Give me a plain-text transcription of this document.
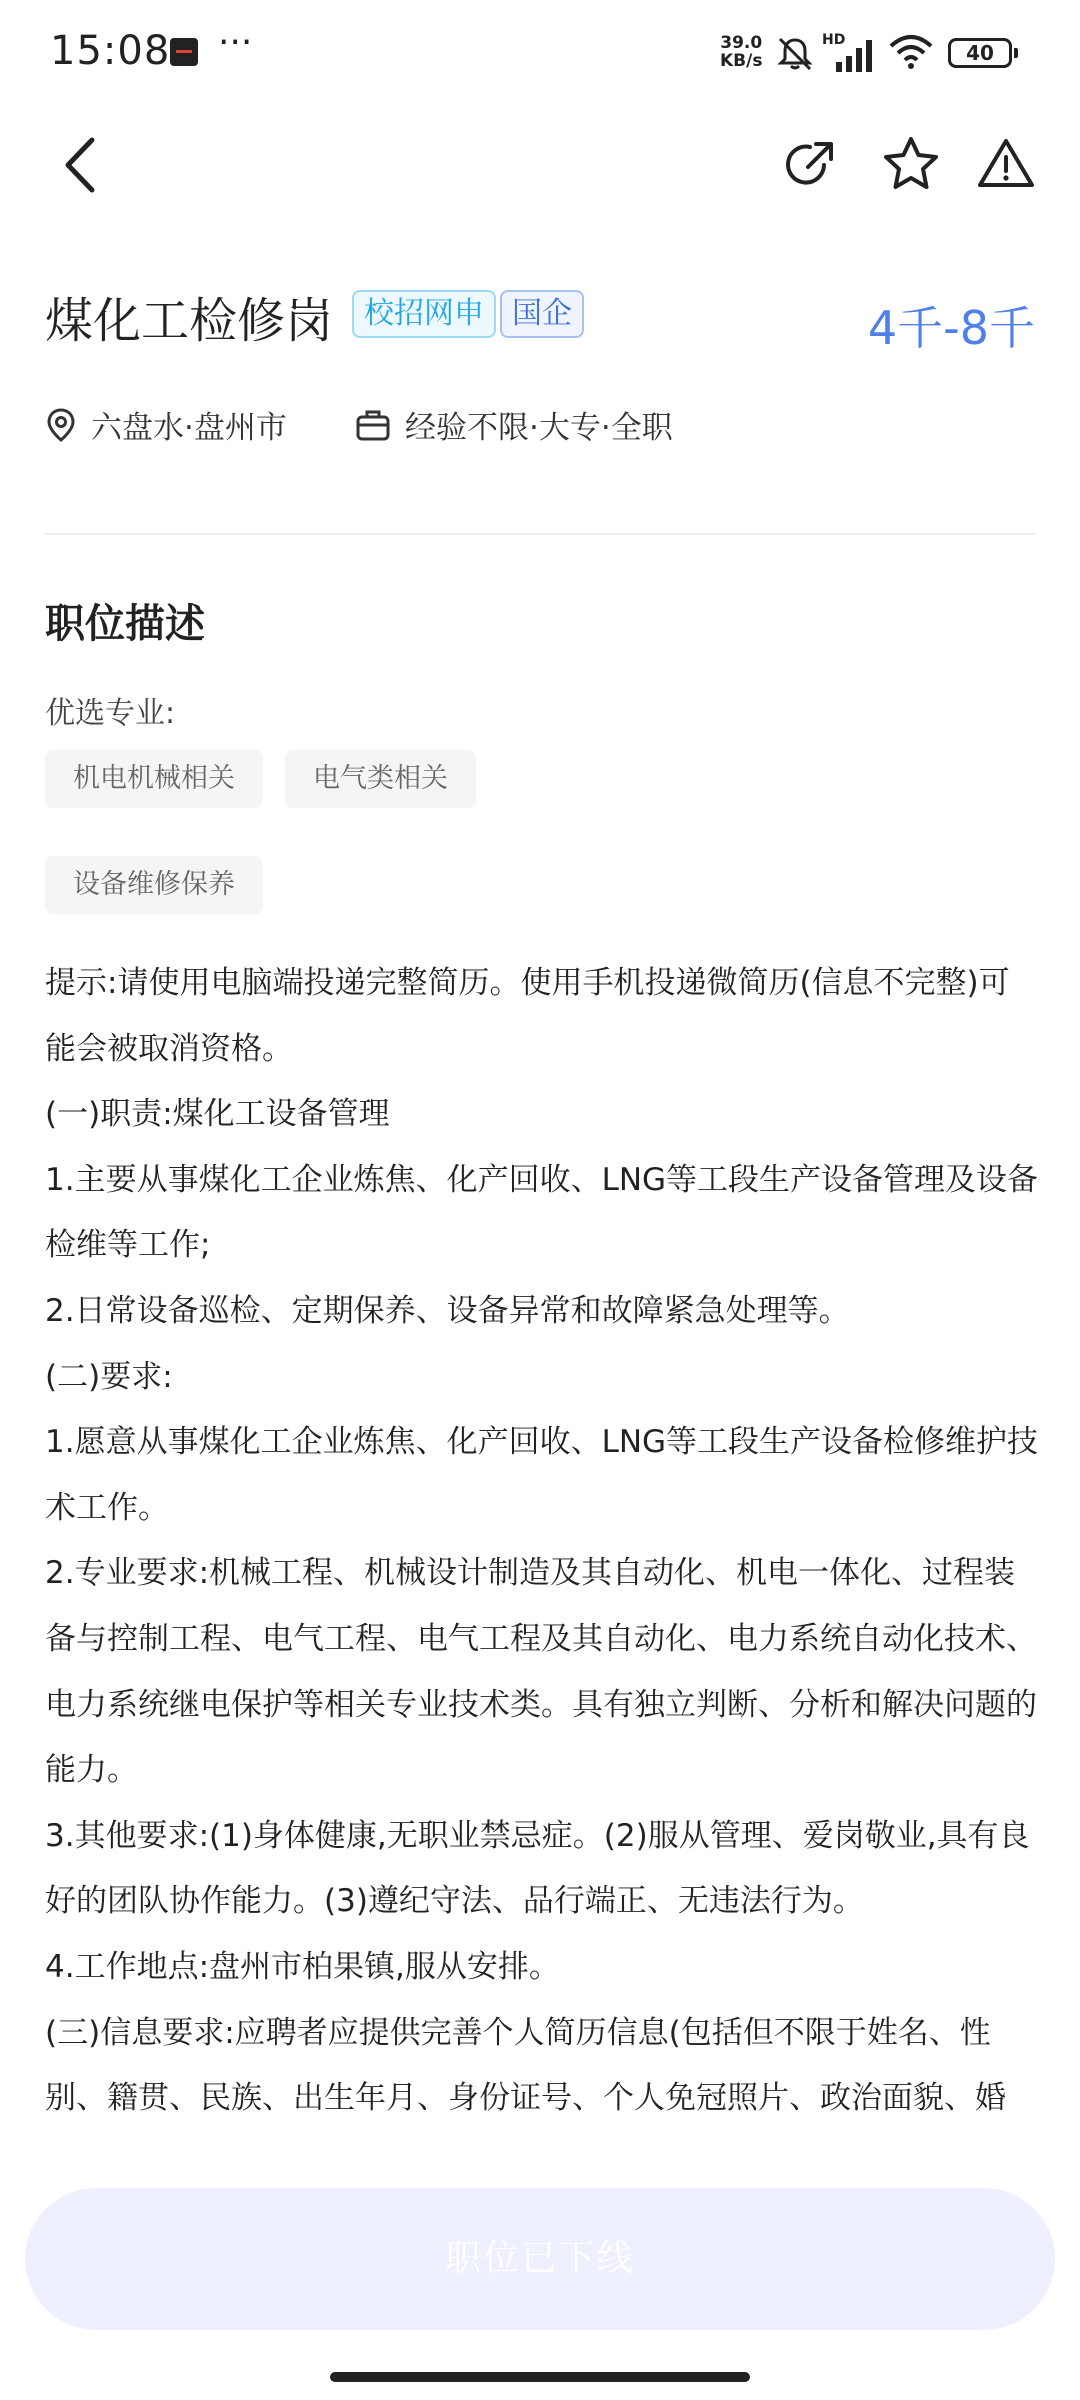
15:08 ···	39.0
KB/s
HD
40
煤化工检修岗	校招网申 国企	4千-8千
六盘水·盘州市	经验不限·大专·全职
职位描述
优选专业:
机电机械相关	电气类相关
设备维修保养

提示:请使用电脑端投递完整简历。使用手机投递微简历(信息不完整)可能会被取消资格。

(一)职责:煤化工设备管理

1.主要从事煤化工企业炼焦、化产回收、LNG等工段生产设备管理及设备检维等工作;

2.日常设备巡检、定期保养、设备异常和故障紧急处理等。

(二)要求:

1.愿意从事煤化工企业炼焦、化产回收、LNG等工段生产设备检修维护技术工作。

2.专业要求:机械工程、机械设计制造及其自动化、机电一体化、过程装备与控制工程、电气工程、电气工程及其自动化、电力系统自动化技术、电力系统继电保护等相关专业技术类。具有独立判断、分析和解决问题的能力。

3.其他要求:(1)身体健康,无职业禁忌症。(2)服从管理、爱岗敬业,具有良好的团队协作能力。(3)遵纪守法、品行端正、无违法行为。

4.工作地点:盘州市柏果镇,服从安排。

(三)信息要求:应聘者应提供完善个人简历信息(包括但不限于姓名、性别、籍贯、民族、出生年月、身份证号、个人免冠照片、政治面貌、婚

职位已下线
